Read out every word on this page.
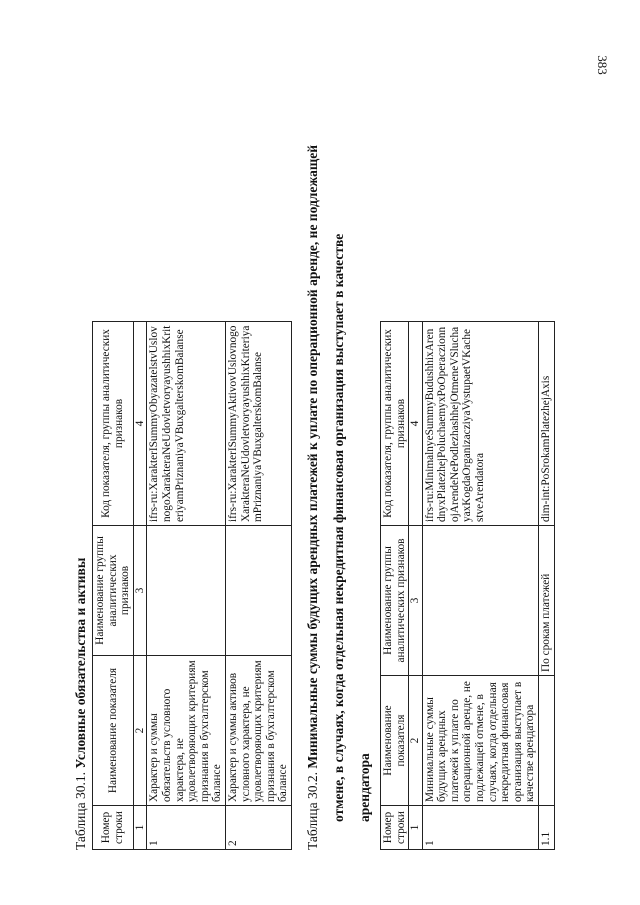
383

Таблица 30.1. Условные обязательства и активы

Номер строки	Наименование показателя	Наименование группы аналитических признаков	Код показателя, группы аналитических признаков
1	2	3	4
1	Характер и суммы обязательств условного характера, не удовлетворяющих критериям признания в бухгалтерском балансе		ifrs-ru:XarakterISummyObyazatelstvUslovnogoXarakteraNeUdovletvoryayushhixKriteriyamPriznaniyaVBuxgalterskomBalanse
2	Характер и суммы активов условного характера, не удовлетворяющих критериям признания в бухгалтерском балансе		ifrs-ru:XarakterISummyAktivovUslovnogoXarakteraNeUdovletvoryayushhixKriteriyamPriznaniyaVBuxgalterskomBalanse

Таблица 30.2. Минимальные суммы будущих арендных платежей к уплате по операционной аренде, не подлежащей отмене, в случаях, когда отдельная некредитная финансовая организация выступает в качестве арендатора

Номер строки	Наименование показателя	Наименование группы аналитических признаков	Код показателя, группы аналитических признаков
1	2	3	4
1	Минимальные суммы будущих арендных платежей к уплате по операционной аренде, не подлежащей отмене, в случаях, когда отдельная некредитная финансовая организация выступает в качестве арендатора		ifrs-ru:MinimalnyeSummyBudushhixArendnyxPlatezhejPoluchaemyxPoOperaczionnojArendeNePodlezhashhejOtmeneVSluchayaxKogdaOrganizacziyaVystupaetVKachestveArendatora
1.1		По срокам платежей	dim-int:PoSrokamPlatezhejAxis
